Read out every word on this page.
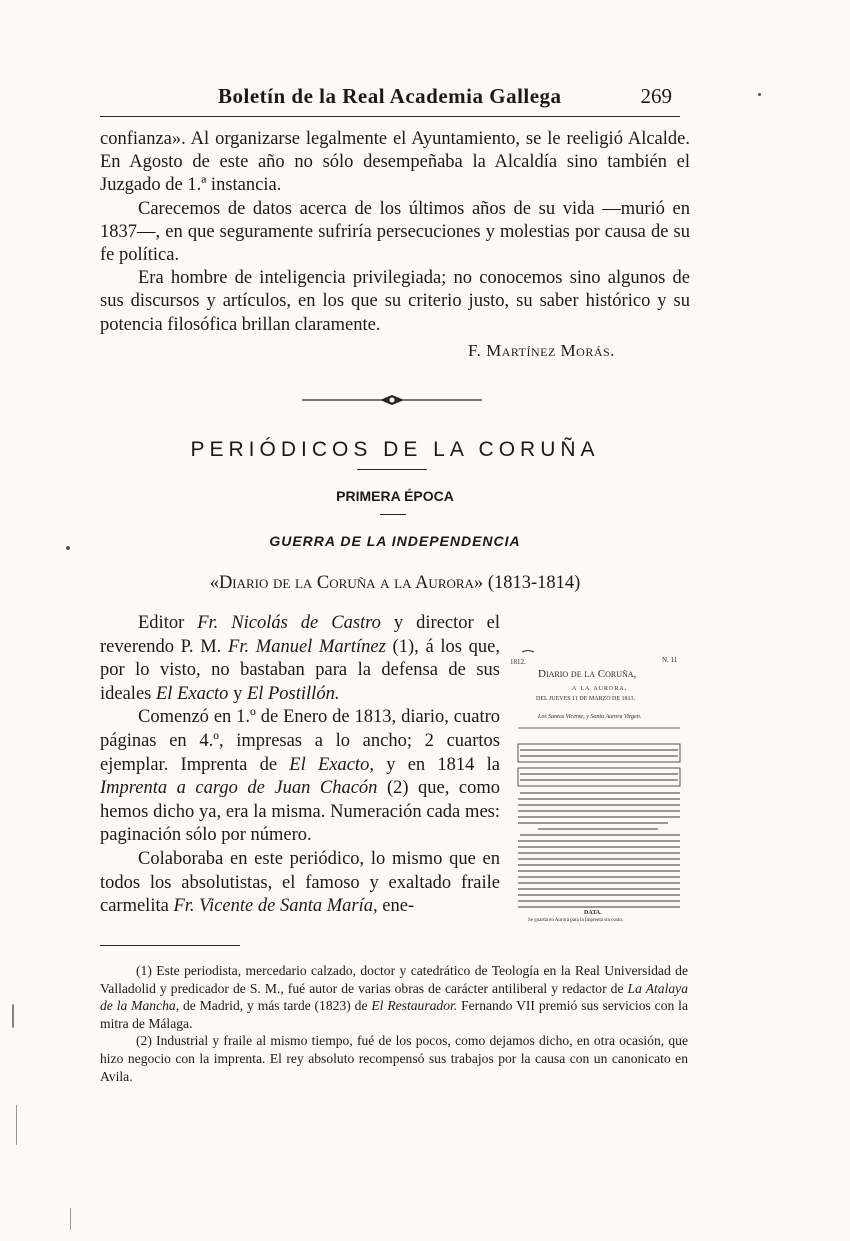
Boletín de la Real Academia Gallega	269

confianza». Al organizarse legalmente el Ayuntamiento, se le reeligió Alcalde. En Agosto de este año no sólo desempeñaba la Alcaldía sino también el Juzgado de 1.ª instancia.

Carecemos de datos acerca de los últimos años de su vida —murió en 1837—, en que seguramente sufriría persecuciones y molestias por causa de su fe política.

Era hombre de inteligencia privilegiada; no conocemos sino algunos de sus discursos y artículos, en los que su criterio justo, su saber histórico y su potencia filosófica brillan claramente.

F. Martínez Morás.
PERIÓDICOS DE LA CORUÑA
PRIMERA ÉPOCA
GUERRA DE LA INDEPENDENCIA
«Diario de la Coruña a la Aurora» (1813-1814)

Editor Fr. Nicolás de Castro y director el reverendo P. M. Fr. Manuel Martínez (1), á los que, por lo visto, no bastaban para la defensa de sus ideales El Exacto y El Postillón.

Comenzó en 1.º de Enero de 1813, diario, cuatro páginas en 4.º, impresas a lo ancho; 2 cuartos ejemplar. Imprenta de El Exacto, y en 1814 la Imprenta a cargo de Juan Chacón (2) que, como hemos dicho ya, era la misma. Numeración cada mes: paginación sólo por número.

Colaboraba en este periódico, lo mismo que en todos los absolutistas, el famoso y exaltado fraile carmelita Fr. Vicente de Santa María, ene-

1812.	N. 11
Diario de la Coruña,
a la aurora.
DEL JUEVES 11 DE MARZO DE 1813.
Los Santos Vicente, y Santa Aurora Virgen.
DATA.
Se guarda en Aurora para la Imprenta sin costo.

(1) Este periodista, mercedario calzado, doctor y catedrático de Teología en la Real Universidad de Valladolid y predicador de S. M., fué autor de varias obras de carácter antiliberal y redactor de La Atalaya de la Mancha, de Madrid, y más tarde (1823) de El Restaurador. Fernando VII premió sus servicios con la mitra de Málaga.

(2) Industrial y fraile al mismo tiempo, fué de los pocos, como dejamos dicho, en otra ocasión, que hizo negocio con la imprenta. El rey absoluto recompensó sus trabajos por la causa con un canonicato en Avila.
